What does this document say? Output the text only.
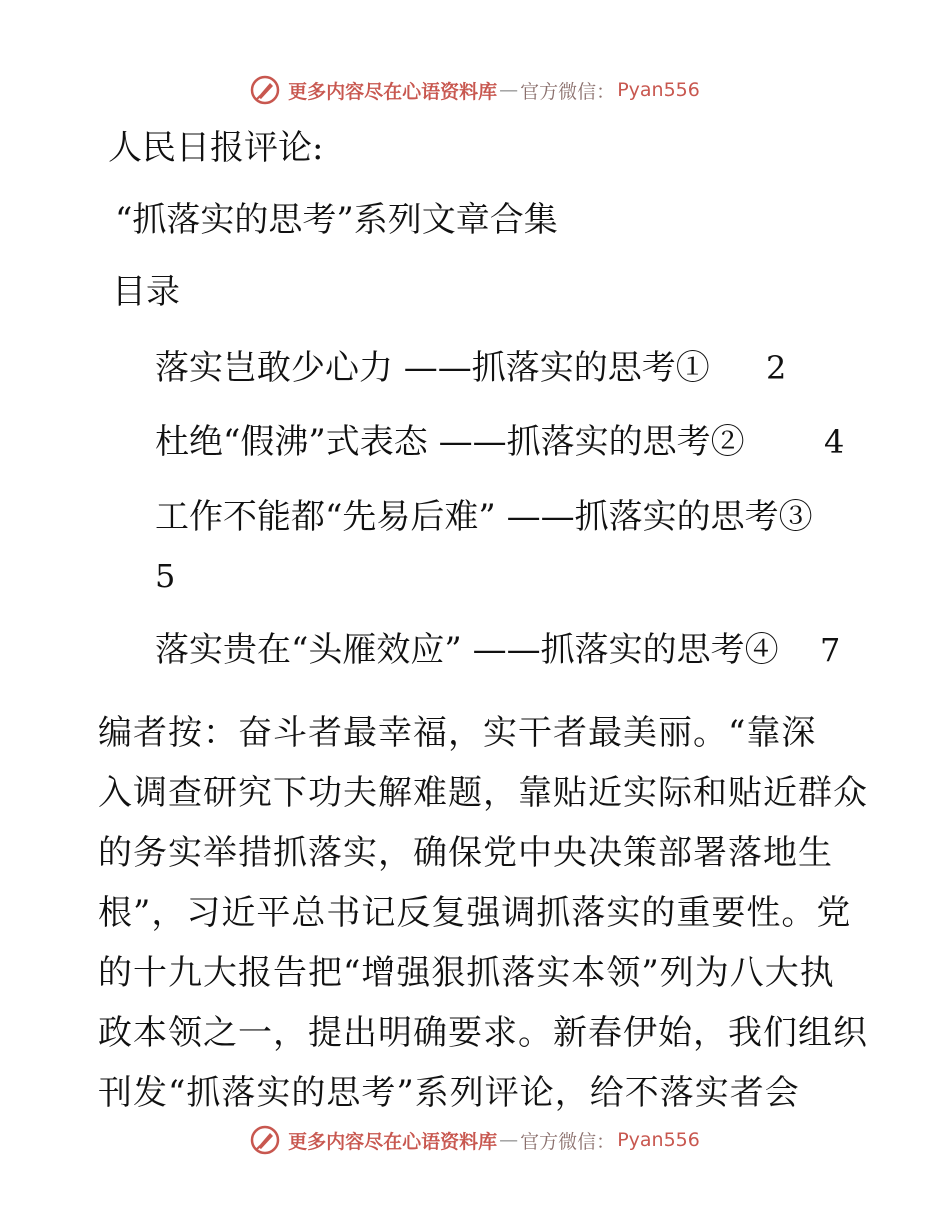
更多内容尽在心语资料库 — 官方微信： Pyan556
人民日报评论:
“抓落实的思考”系列文章合集
目录
落实岂敢少心力 ——抓落实的思考① 2
杜绝“假沸”式表态 ——抓落实的思考② 4
工作不能都“先易后难” ——抓落实的思考③
5
落实贵在“头雁效应” ——抓落实的思考④ 7
编者按：奋斗者最幸福，实干者最美丽。“靠深
入调查研究下功夫解难题，靠贴近实际和贴近群众
的务实举措抓落实，确保党中央决策部署落地生
根”，习近平总书记反复强调抓落实的重要性。党
的十九大报告把“增强狠抓落实本领”列为八大执
政本领之一，提出明确要求。新春伊始，我们组织
刊发“抓落实的思考”系列评论，给不落实者会
更多内容尽在心语资料库 — 官方微信： Pyan556
